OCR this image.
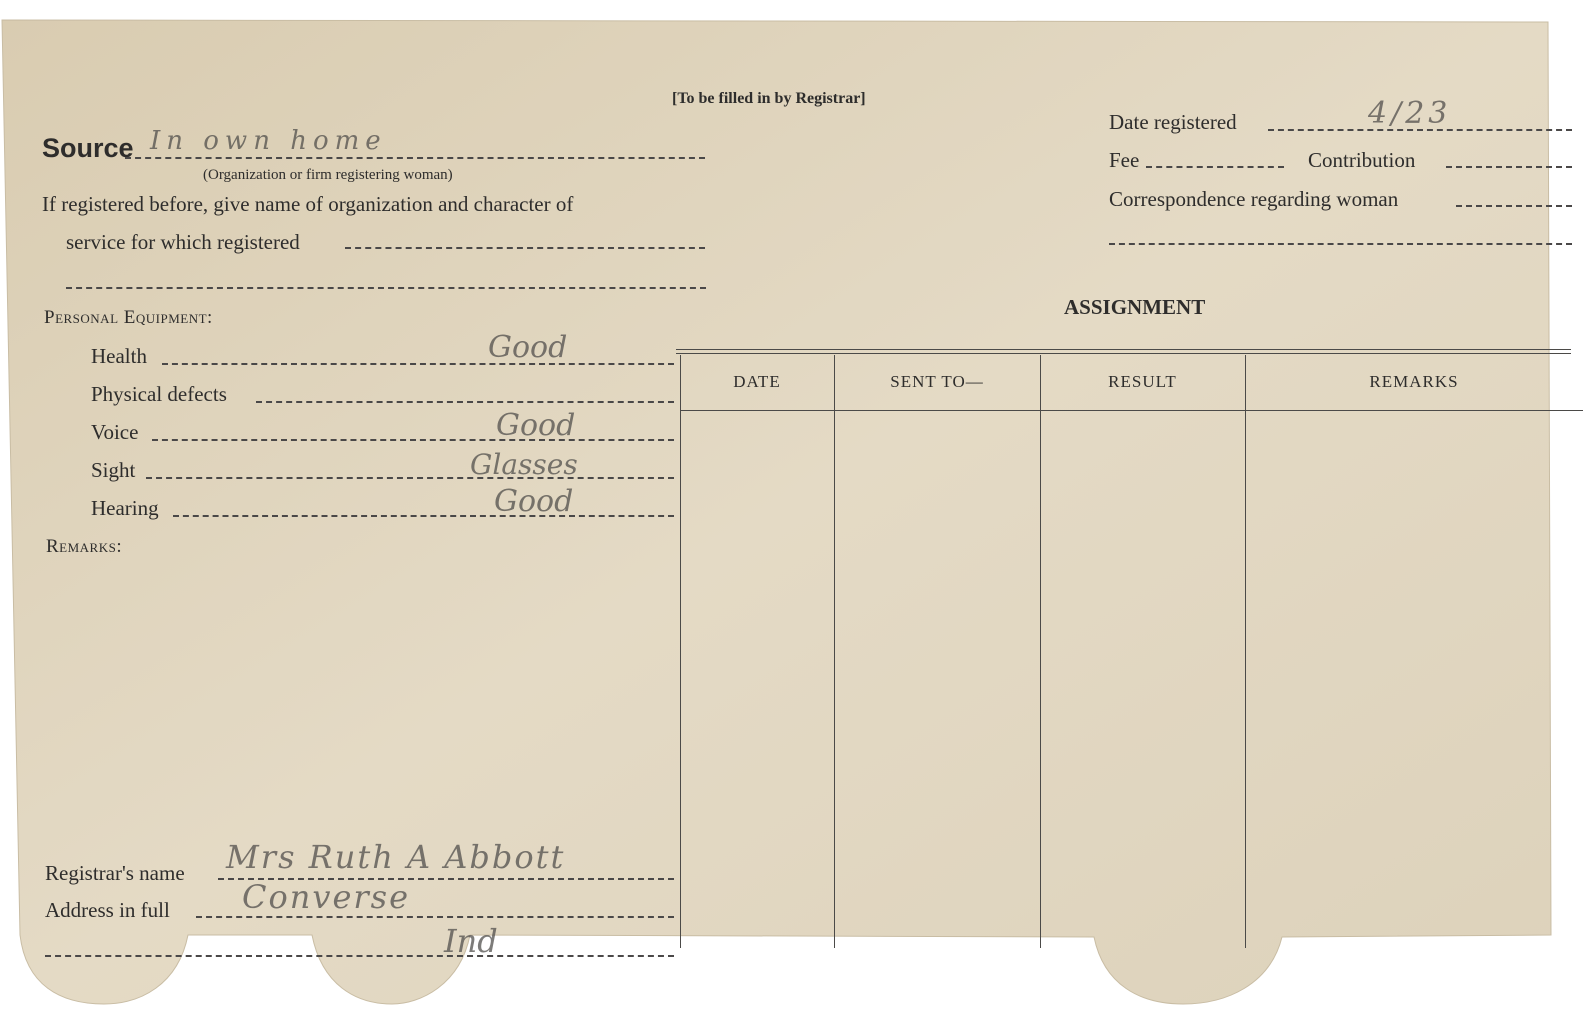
[To be filled in by Registrar]
Source In own home
(Organization or firm registering woman)
If registered before, give name of organization and character of
service for which registered
Date registered	4/23
Fee	Contribution
Correspondence regarding woman
Personal Equipment:
Health	Good
Physical defects
Voice	Good
Sight	Glasses
Hearing	Good
Remarks:
ASSIGNMENT
DATE	SENT TO—	RESULT	REMARKS
Registrar's name Mrs Ruth A Abbott
Address in full Converse
Ind
